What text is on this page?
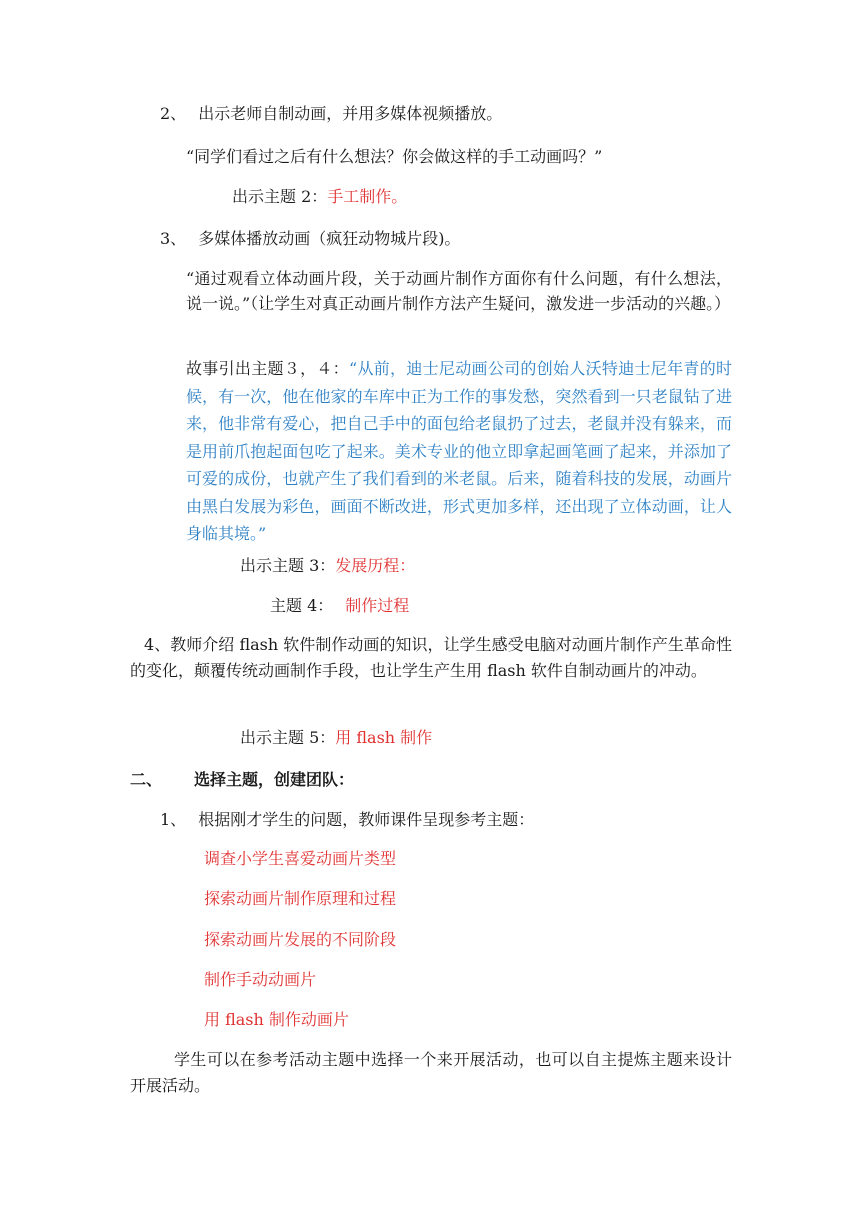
2、 出示老师自制动画，并用多媒体视频播放。
“同学们看过之后有什么想法？你会做这样的手工动画吗？”
出示主题 2：手工制作。
3、 多媒体播放动画（疯狂动物城片段)。
“通过观看立体动画片段，关于动画片制作方面你有什么问题，有什么想法，说一说。”（让学生对真正动画片制作方法产生疑问，激发进一步活动的兴趣。）
故事引出主题３，４：“从前，迪士尼动画公司的创始人沃特迪士尼年青的时候，有一次，他在他家的车库中正为工作的事发愁，突然看到一只老鼠钻了进来，他非常有爱心，把自己手中的面包给老鼠扔了过去，老鼠并没有躲来，而是用前爪抱起面包吃了起来。美术专业的他立即拿起画笔画了起来，并添加了可爱的成份，也就产生了我们看到的米老鼠。后来，随着科技的发展，动画片由黑白发展为彩色，画面不断改进，形式更加多样，还出现了立体动画，让人身临其境。”
出示主题 3：发展历程：
主题 4： 制作过程
4、教师介绍 flash 软件制作动画的知识，让学生感受电脑对动画片制作产生革命性的变化，颠覆传统动画制作手段，也让学生产生用 flash 软件自制动画片的冲动。
出示主题 5：用 flash 制作
二、 选择主题，创建团队：
1、 根据刚才学生的问题，教师课件呈现参考主题：
调查小学生喜爱动画片类型
探索动画片制作原理和过程
探索动画片发展的不同阶段
制作手动动画片
用 flash 制作动画片
学生可以在参考活动主题中选择一个来开展活动，也可以自主提炼主题来设计开展活动。
